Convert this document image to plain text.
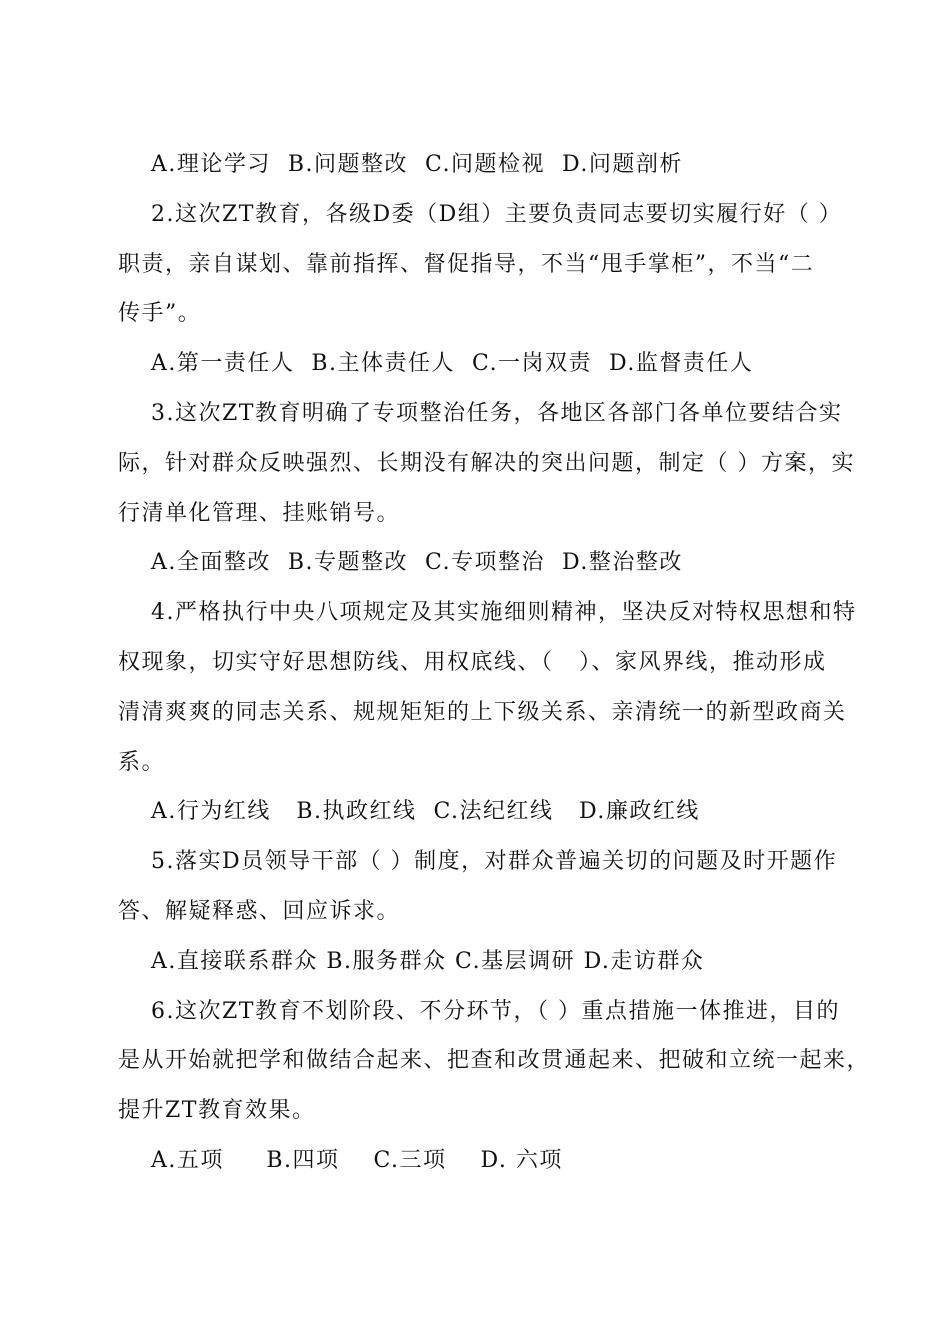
A.理论学习  B.问题整改  C.问题检视  D.问题剖析
2.这次ZT教育，各级D委（D组）主要负责同志要切实履行好（ ）
职责，亲自谋划、靠前指挥、督促指导，不当“甩手掌柜”，不当“二
传手”。
A.第一责任人  B.主体责任人  C.一岗双责  D.监督责任人
3.这次ZT教育明确了专项整治任务，各地区各部门各单位要结合实
际，针对群众反映强烈、长期没有解决的突出问题，制定（ ）方案，实
行清单化管理、挂账销号。
A.全面整改  B.专题整改  C.专项整治  D.整治整改
4.严格执行中央八项规定及其实施细则精神，坚决反对特权思想和特
权现象，切实守好思想防线、用权底线、（   ）、家风界线，推动形成
清清爽爽的同志关系、规规矩矩的上下级关系、亲清统一的新型政商关
系。
A.行为红线   B.执政红线  C.法纪红线   D.廉政红线
5.落实D员领导干部（ ）制度，对群众普遍关切的问题及时开题作
答、解疑释惑、回应诉求。
A.直接联系群众 B.服务群众 C.基层调研 D.走访群众
6.这次ZT教育不划阶段、不分环节，（ ）重点措施一体推进，目的
是从开始就把学和做结合起来、把查和改贯通起来、把破和立统一起来，
提升ZT教育效果。
A.五项     B.四项    C.三项    D. 六项
